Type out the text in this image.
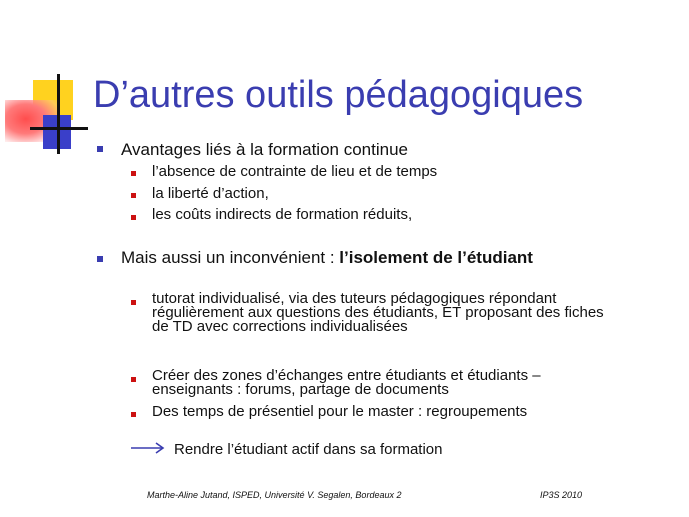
D’autres outils pédagogiques
Avantages liés à la formation continue
l’absence de contrainte de lieu et de temps
la liberté d’action,
les coûts indirects de formation réduits,
Mais aussi un inconvénient : l’isolement de l’étudiant
tutorat individualisé, via des tuteurs pédagogiques répondant
régulièrement aux questions des étudiants, ET proposant des fiches
de TD avec corrections individualisées
Créer des zones d’échanges entre étudiants et étudiants –
enseignants : forums, partage de documents
Des temps de présentiel pour le master : regroupements
Rendre l’étudiant actif dans sa formation
Marthe-Aline Jutand, ISPED, Université V. Segalen, Bordeaux 2	IP3S 2010
